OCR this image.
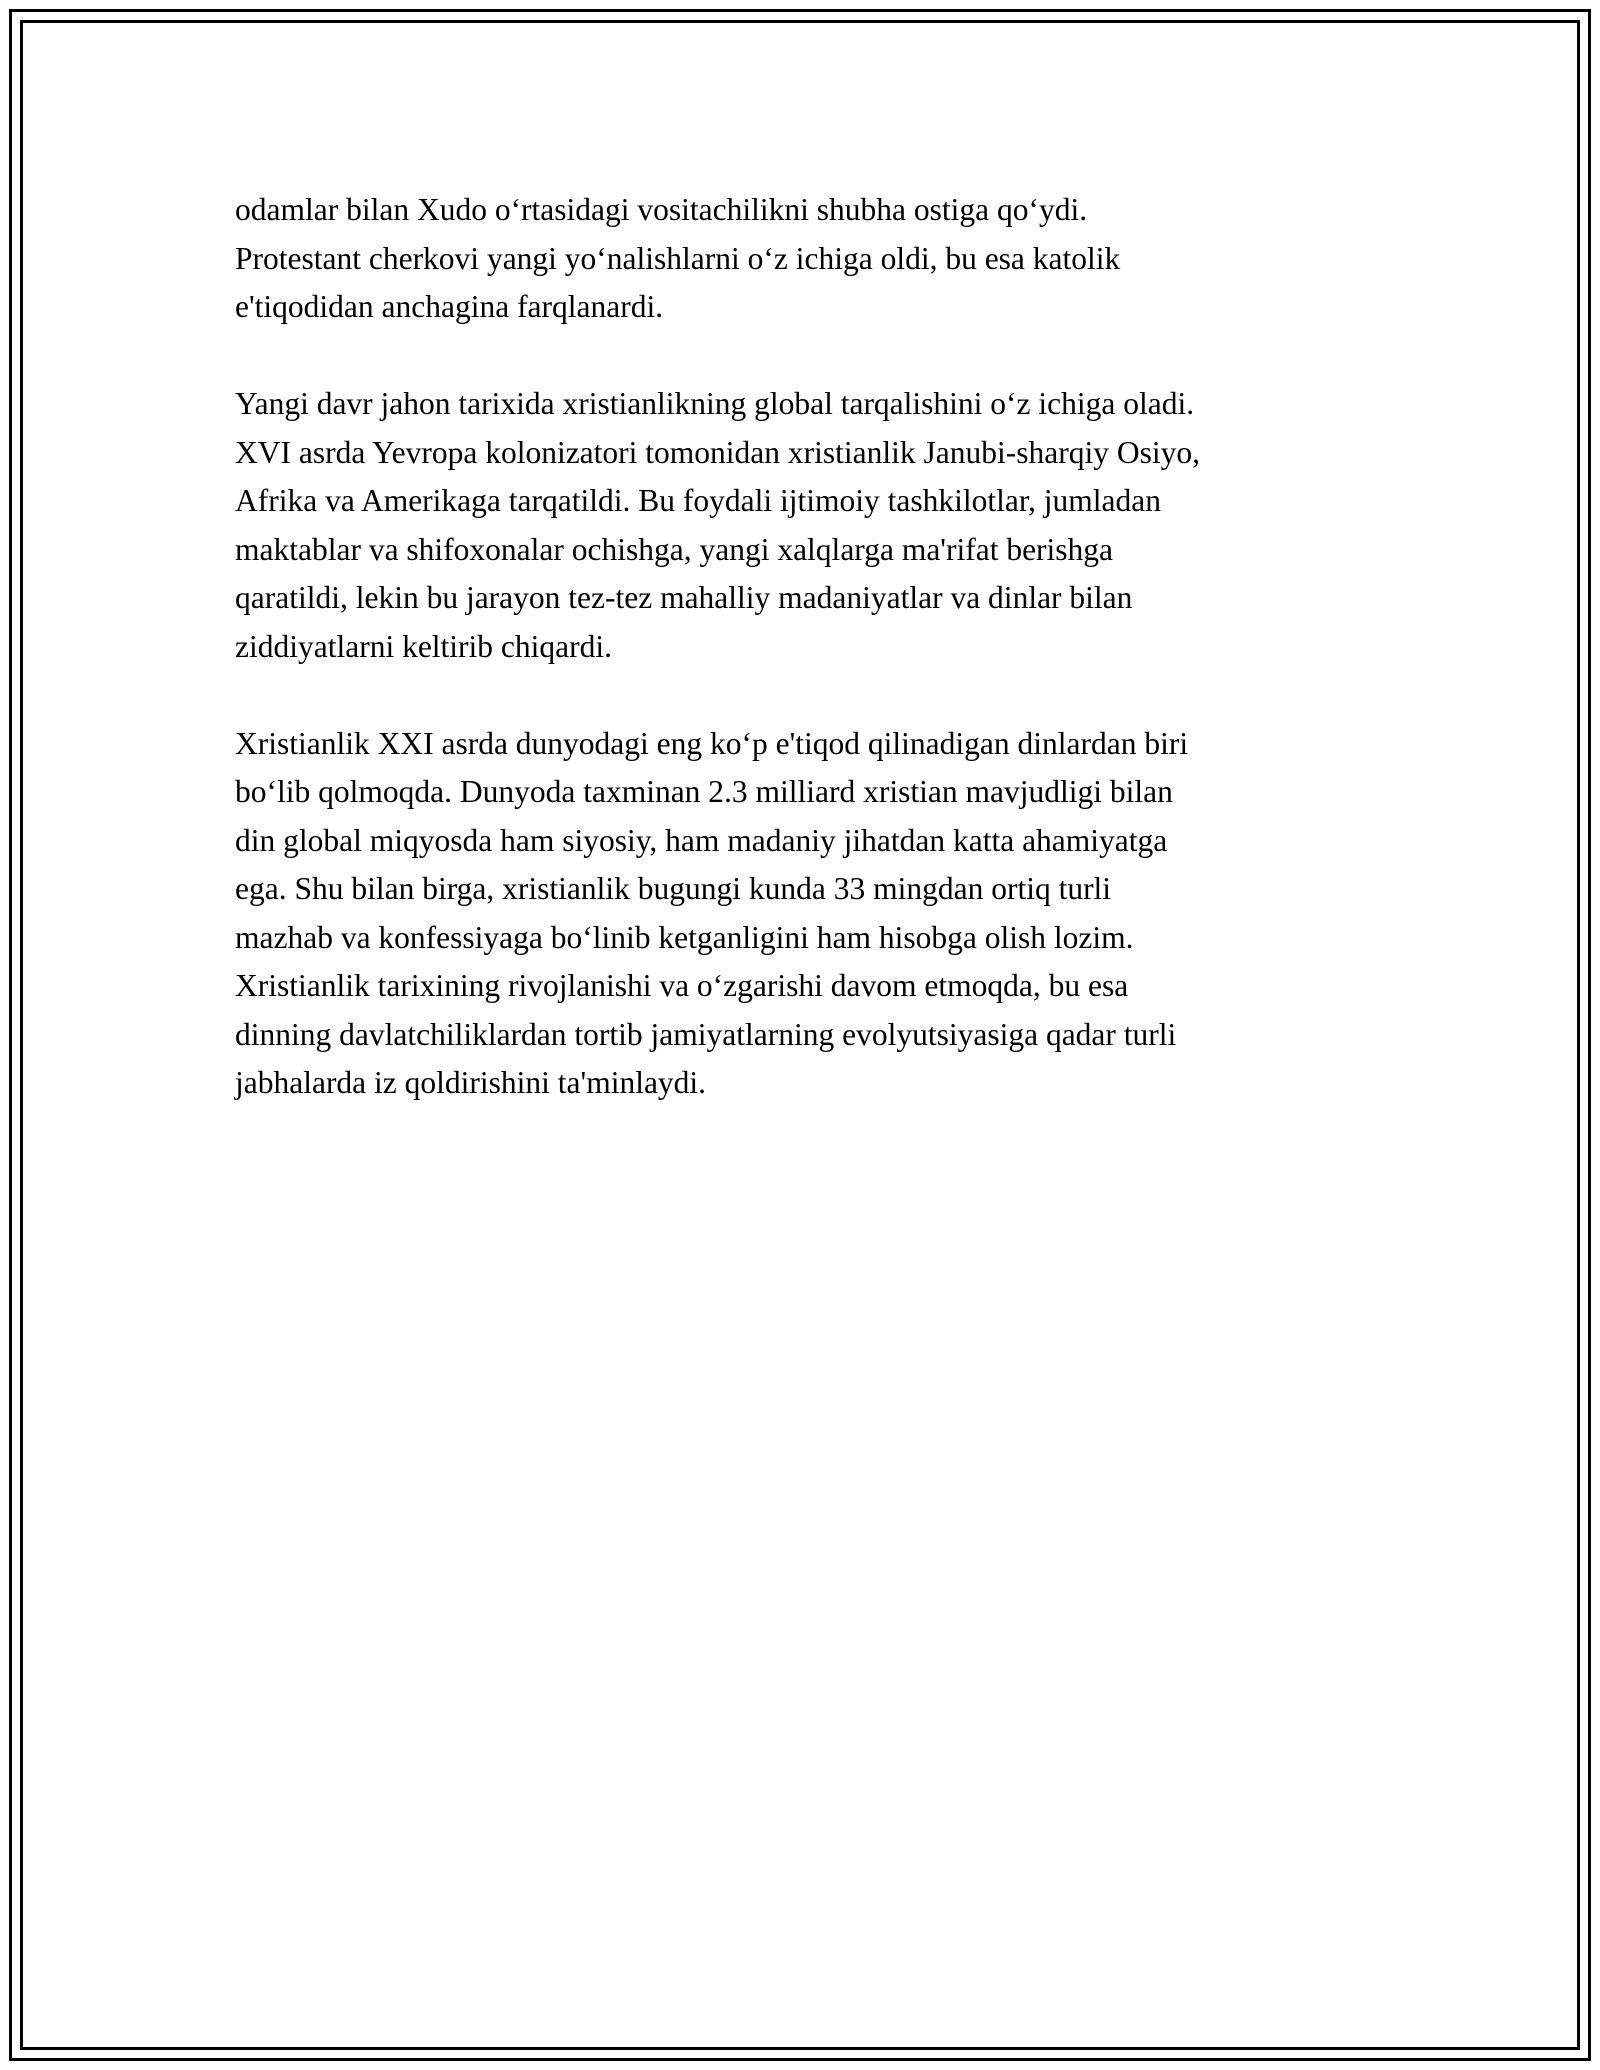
odamlar bilan Xudo o‘rtasidagi vositachilikni shubha ostiga qo‘ydi.
Protestant cherkovi yangi yo‘nalishlarni o‘z ichiga oldi, bu esa katolik
e'tiqodidan anchagina farqlanardi.

Yangi davr jahon tarixida xristianlikning global tarqalishini o‘z ichiga oladi.
XVI asrda Yevropa kolonizatori tomonidan xristianlik Janubi-sharqiy Osiyo,
Afrika va Amerikaga tarqatildi. Bu foydali ijtimoiy tashkilotlar, jumladan
maktablar va shifoxonalar ochishga, yangi xalqlarga ma'rifat berishga
qaratildi, lekin bu jarayon tez-tez mahalliy madaniyatlar va dinlar bilan
ziddiyatlarni keltirib chiqardi.

Xristianlik XXI asrda dunyodagi eng ko‘p e'tiqod qilinadigan dinlardan biri
bo‘lib qolmoqda. Dunyoda taxminan 2.3 milliard xristian mavjudligi bilan
din global miqyosda ham siyosiy, ham madaniy jihatdan katta ahamiyatga
ega. Shu bilan birga, xristianlik bugungi kunda 33 mingdan ortiq turli
mazhab va konfessiyaga bo‘linib ketganligini ham hisobga olish lozim.
Xristianlik tarixining rivojlanishi va o‘zgarishi davom etmoqda, bu esa
dinning davlatchiliklardan tortib jamiyatlarning evolyutsiyasiga qadar turli
jabhalarda iz qoldirishini ta'minlaydi.
